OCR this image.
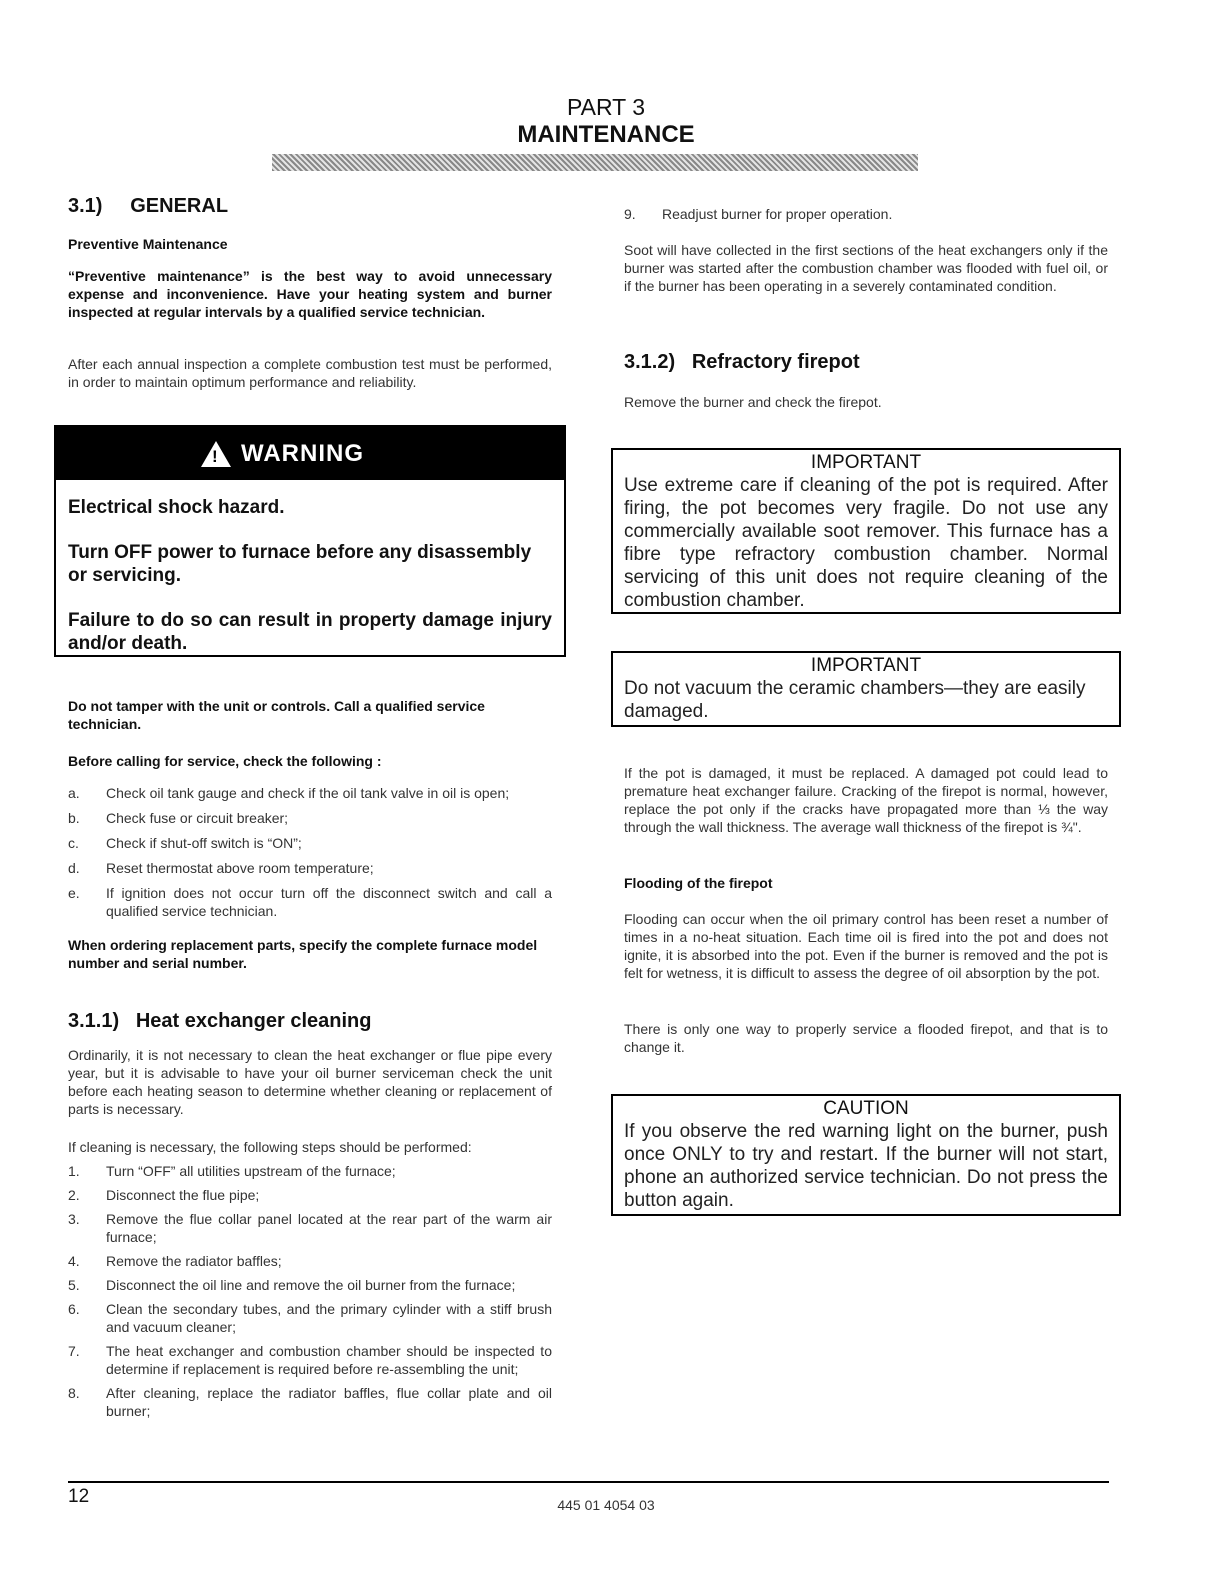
PART 3
MAINTENANCE
3.1)     GENERAL
Preventive Maintenance
“Preventive maintenance” is the best way to avoid unnecessary expense and inconvenience. Have your heating system and burner inspected at regular intervals by a qualified service technician.
After each annual inspection a complete combustion test must be performed, in order to maintain optimum performance and reliability.
! WARNING
Electrical shock hazard.
Turn OFF power to furnace before any disassembly or servicing.
Failure to do so can result in property damage injury and/or death.
Do not tamper with the unit or controls. Call a qualified service technician.
Before calling for service, check the following :
a. Check oil tank gauge and check if the oil tank valve in oil is open;
b. Check fuse or circuit breaker;
c. Check if shut-off switch is “ON”;
d. Reset thermostat above room temperature;
e. If ignition does not occur turn off the disconnect switch and call a qualified service technician.
When ordering replacement parts, specify the complete furnace model number and serial number.
3.1.1)   Heat exchanger cleaning
Ordinarily, it is not necessary to clean the heat exchanger or flue pipe every year, but it is advisable to have your oil burner serviceman check the unit before each heating season to determine whether cleaning or replacement of parts is necessary.
If cleaning is necessary, the following steps should be performed:
1. Turn “OFF” all utilities upstream of the furnace;
2. Disconnect the flue pipe;
3. Remove the flue collar panel located at the rear part of the warm air furnace;
4. Remove the radiator baffles;
5. Disconnect the oil line and remove the oil burner from the furnace;
6. Clean the secondary tubes, and the primary cylinder with a stiff brush and vacuum cleaner;
7. The heat exchanger and combustion chamber should be inspected to determine if replacement is required before re-assembling the unit;
8. After cleaning, replace the radiator baffles, flue collar plate and oil burner;
9. Readjust burner for proper operation.
Soot will have collected in the first sections of the heat exchangers only if the burner was started after the combustion chamber was flooded with fuel oil, or if the burner has been operating in a severely contaminated condition.
3.1.2)   Refractory firepot
Remove the burner and check the firepot.
IMPORTANT
Use extreme care if cleaning of the pot is required. After firing, the pot becomes very fragile. Do not use any commercially available soot remover. This furnace has a fibre type refractory combustion chamber. Normal servicing of this unit does not require cleaning of the combustion chamber.
IMPORTANT
Do not vacuum the ceramic chambers—they are easily damaged.
If the pot is damaged, it must be replaced. A damaged pot could lead to premature heat exchanger failure. Cracking of the firepot is normal, however, replace the pot only if the cracks have propagated more than ⅓ the way through the wall thickness. The average wall thickness of the firepot is ¾".
Flooding of the firepot
Flooding can occur when the oil primary control has been reset a number of times in a no-heat situation. Each time oil is fired into the pot and does not ignite, it is absorbed into the pot. Even if the burner is removed and the pot is felt for wetness, it is difficult to assess the degree of oil absorption by the pot.
There is only one way to properly service a flooded firepot, and that is to change it.
CAUTION
If you observe the red warning light on the burner, push once ONLY to try and restart. If the burner will not start, phone an authorized service technician. Do not press the button again.
12	445 01 4054 03
